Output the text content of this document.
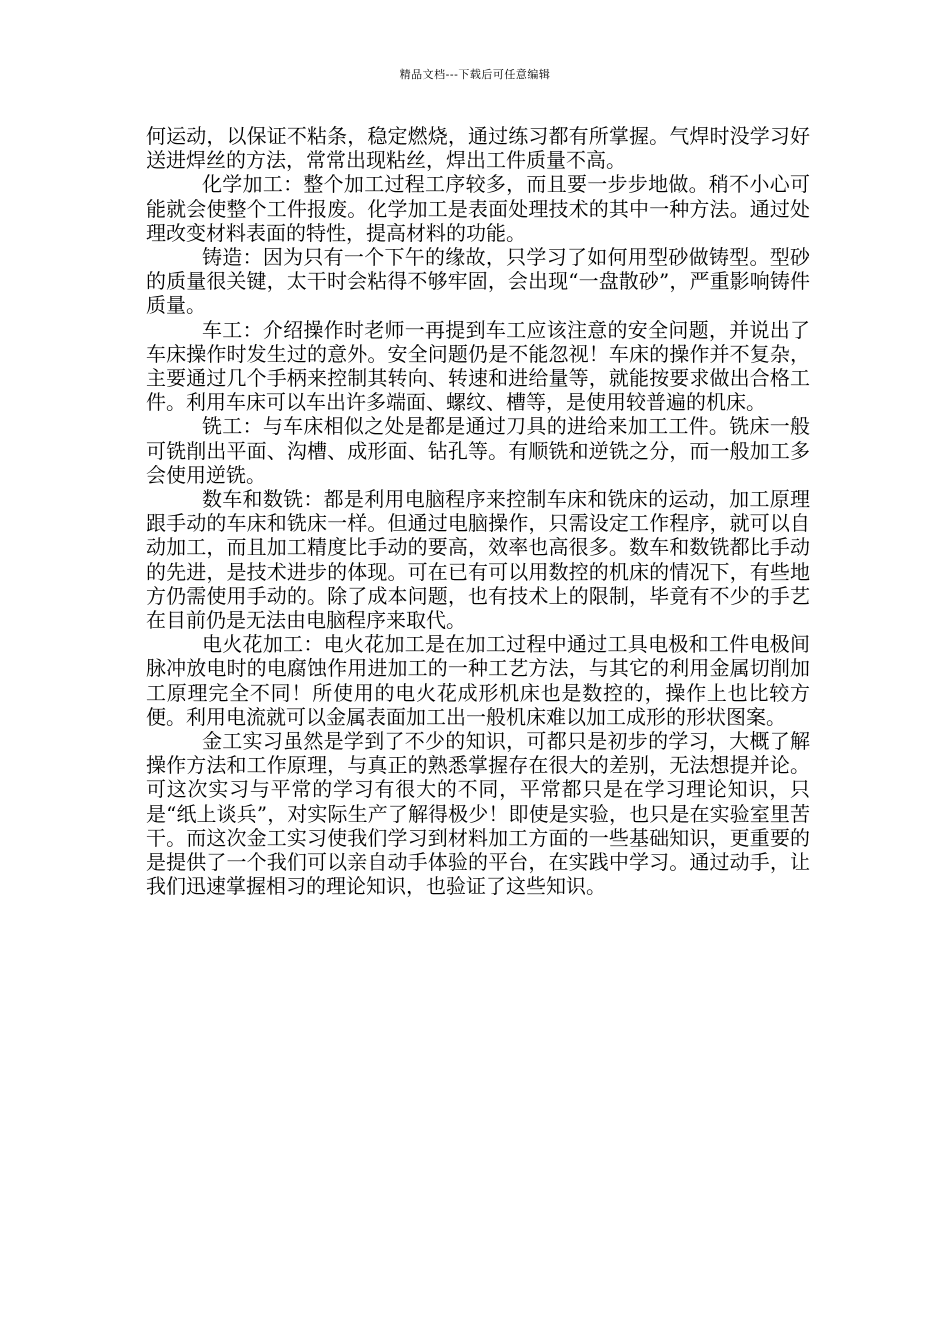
精品文档---下载后可任意编辑

何运动，以保证不粘条，稳定燃烧，通过练习都有所掌握。气焊时没学习好送进焊丝的方法，常常出现粘丝，焊出工件质量不高。

化学加工：整个加工过程工序较多，而且要一步步地做。稍不小心可能就会使整个工件报废。化学加工是表面处理技术的其中一种方法。通过处理改变材料表面的特性，提高材料的功能。

铸造：因为只有一个下午的缘故，只学习了如何用型砂做铸型。型砂的质量很关键，太干时会粘得不够牢固，会出现“一盘散砂”，严重影响铸件质量。

车工：介绍操作时老师一再提到车工应该注意的安全问题，并说出了车床操作时发生过的意外。安全问题仍是不能忽视！车床的操作并不复杂，主要通过几个手柄来控制其转向、转速和进给量等，就能按要求做出合格工件。利用车床可以车出许多端面、螺纹、槽等，是使用较普遍的机床。

铣工：与车床相似之处是都是通过刀具的进给来加工工件。铣床一般可铣削出平面、沟槽、成形面、钻孔等。有顺铣和逆铣之分，而一般加工多会使用逆铣。

数车和数铣：都是利用电脑程序来控制车床和铣床的运动，加工原理跟手动的车床和铣床一样。但通过电脑操作，只需设定工作程序，就可以自动加工，而且加工精度比手动的要高，效率也高很多。数车和数铣都比手动的先进，是技术进步的体现。可在已有可以用数控的机床的情况下，有些地方仍需使用手动的。除了成本问题，也有技术上的限制，毕竟有不少的手艺在目前仍是无法由电脑程序来取代。

电火花加工：电火花加工是在加工过程中通过工具电极和工件电极间脉冲放电时的电腐蚀作用进加工的一种工艺方法，与其它的利用金属切削加工原理完全不同！所使用的电火花成形机床也是数控的，操作上也比较方便。利用电流就可以金属表面加工出一般机床难以加工成形的形状图案。

金工实习虽然是学到了不少的知识，可都只是初步的学习，大概了解操作方法和工作原理，与真正的熟悉掌握存在很大的差别，无法想提并论。可这次实习与平常的学习有很大的不同，平常都只是在学习理论知识，只是“纸上谈兵”，对实际生产了解得极少！即使是实验，也只是在实验室里苦干。而这次金工实习使我们学习到材料加工方面的一些基础知识，更重要的是提供了一个我们可以亲自动手体验的平台，在实践中学习。通过动手，让我们迅速掌握相习的理论知识，也验证了这些知识。
